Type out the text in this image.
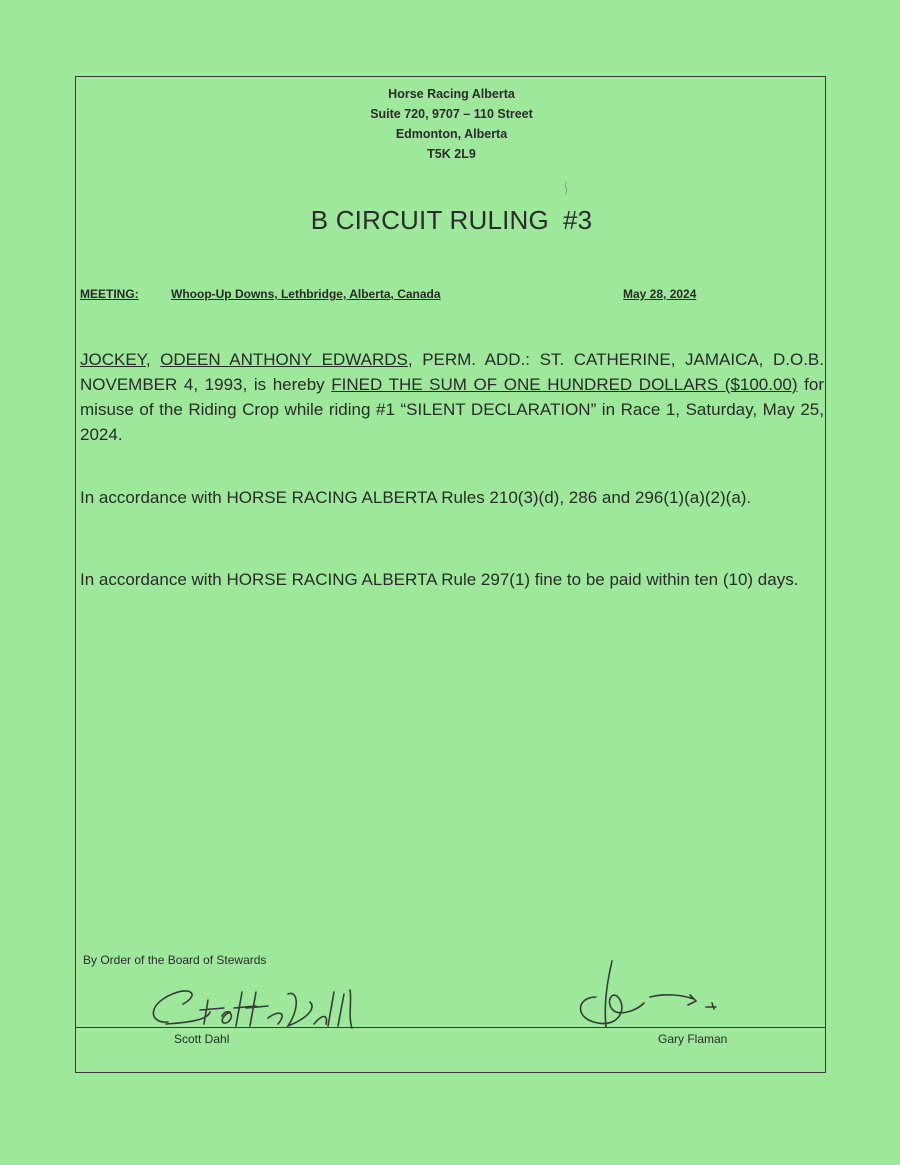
Horse Racing Alberta
Suite 720, 9707 – 110 Street
Edmonton, Alberta
T5K 2L9
B CIRCUIT RULING #3
MEETING:	Whoop-Up Downs, Lethbridge, Alberta, Canada	May 28, 2024
JOCKEY, ODEEN ANTHONY EDWARDS, PERM. ADD.: ST. CATHERINE, JAMAICA, D.O.B. NOVEMBER 4, 1993, is hereby FINED THE SUM OF ONE HUNDRED DOLLARS ($100.00) for misuse of the Riding Crop while riding #1 “SILENT DECLARATION” in Race 1, Saturday, May 25, 2024.
In accordance with HORSE RACING ALBERTA Rules 210(3)(d), 286 and 296(1)(a)(2)(a).
In accordance with HORSE RACING ALBERTA Rule 297(1) fine to be paid within ten (10) days.
By Order of the Board of Stewards
Scott Dahl	Gary Flaman
